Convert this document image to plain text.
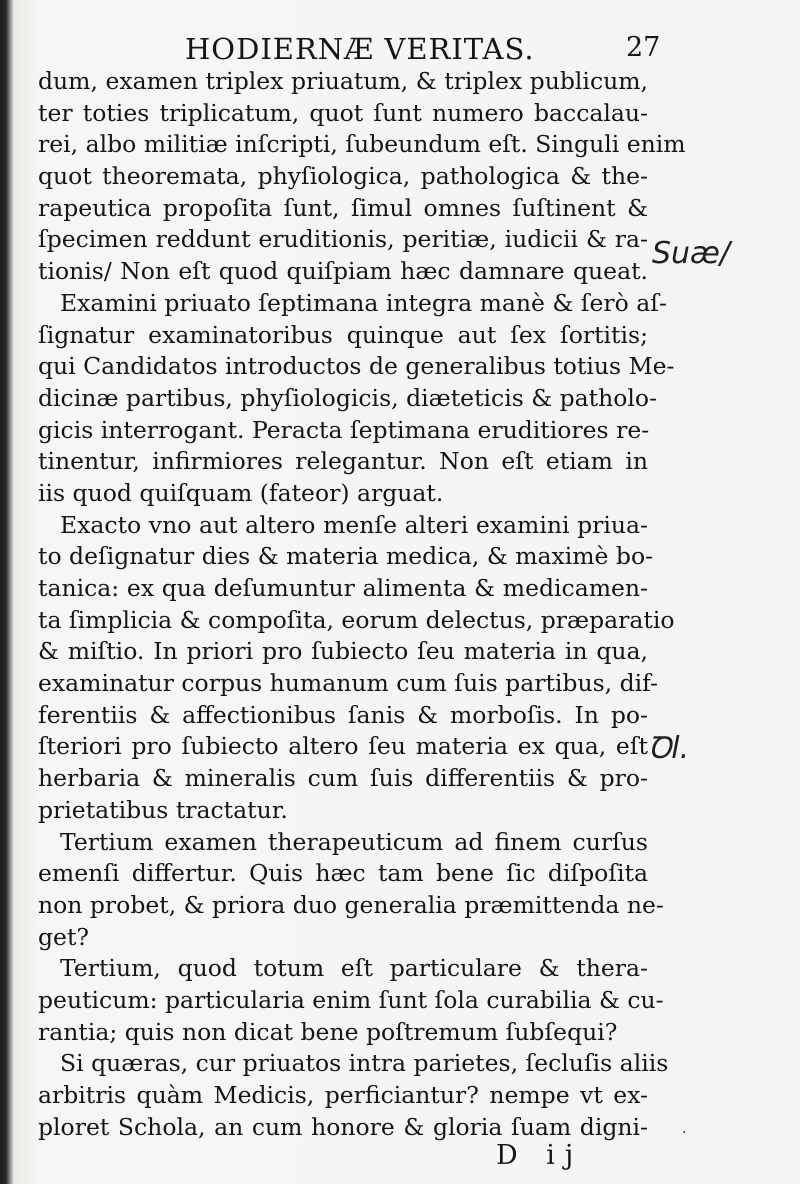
HODIERNÆ VERITAS.	27
dum, examen triplex priuatum, & triplex publicum,
ter toties triplicatum, quot ſunt numero baccalau-
rei, albo militiæ inſcripti, ſubeundum eſt. Singuli enim
quot theoremata, phyſiologica, pathologica & the-
rapeutica propoſita ſunt, ſimul omnes ſuſtinent &
ſpecimen reddunt eruditionis, peritiæ, iudicii & ra-
tionis/ Non eſt quod quiſpiam hæc damnare queat.
Examini priuato ſeptimana integra manè & ſerò aſ-
ſignatur examinatoribus quinque aut ſex ſortitis;
qui Candidatos introductos de generalibus totius Me-
dicinæ partibus, phyſiologicis, diæteticis & patholo-
gicis interrogant. Peracta ſeptimana eruditiores re-
tinentur, infirmiores relegantur. Non eſt etiam in
iis quod quiſquam (fateor) arguat.
Exacto vno aut altero menſe alteri examini priua-
to deſignatur dies & materia medica, & maximè bo-
tanica: ex qua deſumuntur alimenta & medicamen-
ta ſimplicia & compoſita, eorum delectus, præparatio
& miſtio. In priori pro ſubiecto ſeu materia in qua,
examinatur corpus humanum cum ſuis partibus, dif-
ferentiis & affectionibus ſanis & morboſis. In po-
ſteriori pro ſubiecto altero ſeu materia ex qua, eſt
herbaria & mineralis cum ſuis differentiis & pro-
prietatibus tractatur.
Tertium examen therapeuticum ad finem curſus
emenſi differtur. Quis hæc tam bene ſic diſpoſita
non probet, & priora duo generalia præmittenda ne-
get?
Tertium, quod totum eſt particulare & thera-
peuticum: particularia enim ſunt ſola curabilia & cu-
rantia; quis non dicat bene poſtremum ſubſequi?
Si quæras, cur priuatos intra parietes, ſecluſis aliis
arbitris quàm Medicis, perficiantur? nempe vt ex-
ploret Schola, an cum honore & gloria ſuam digni-
Suæ/
Ꝺl.
D ij
·
